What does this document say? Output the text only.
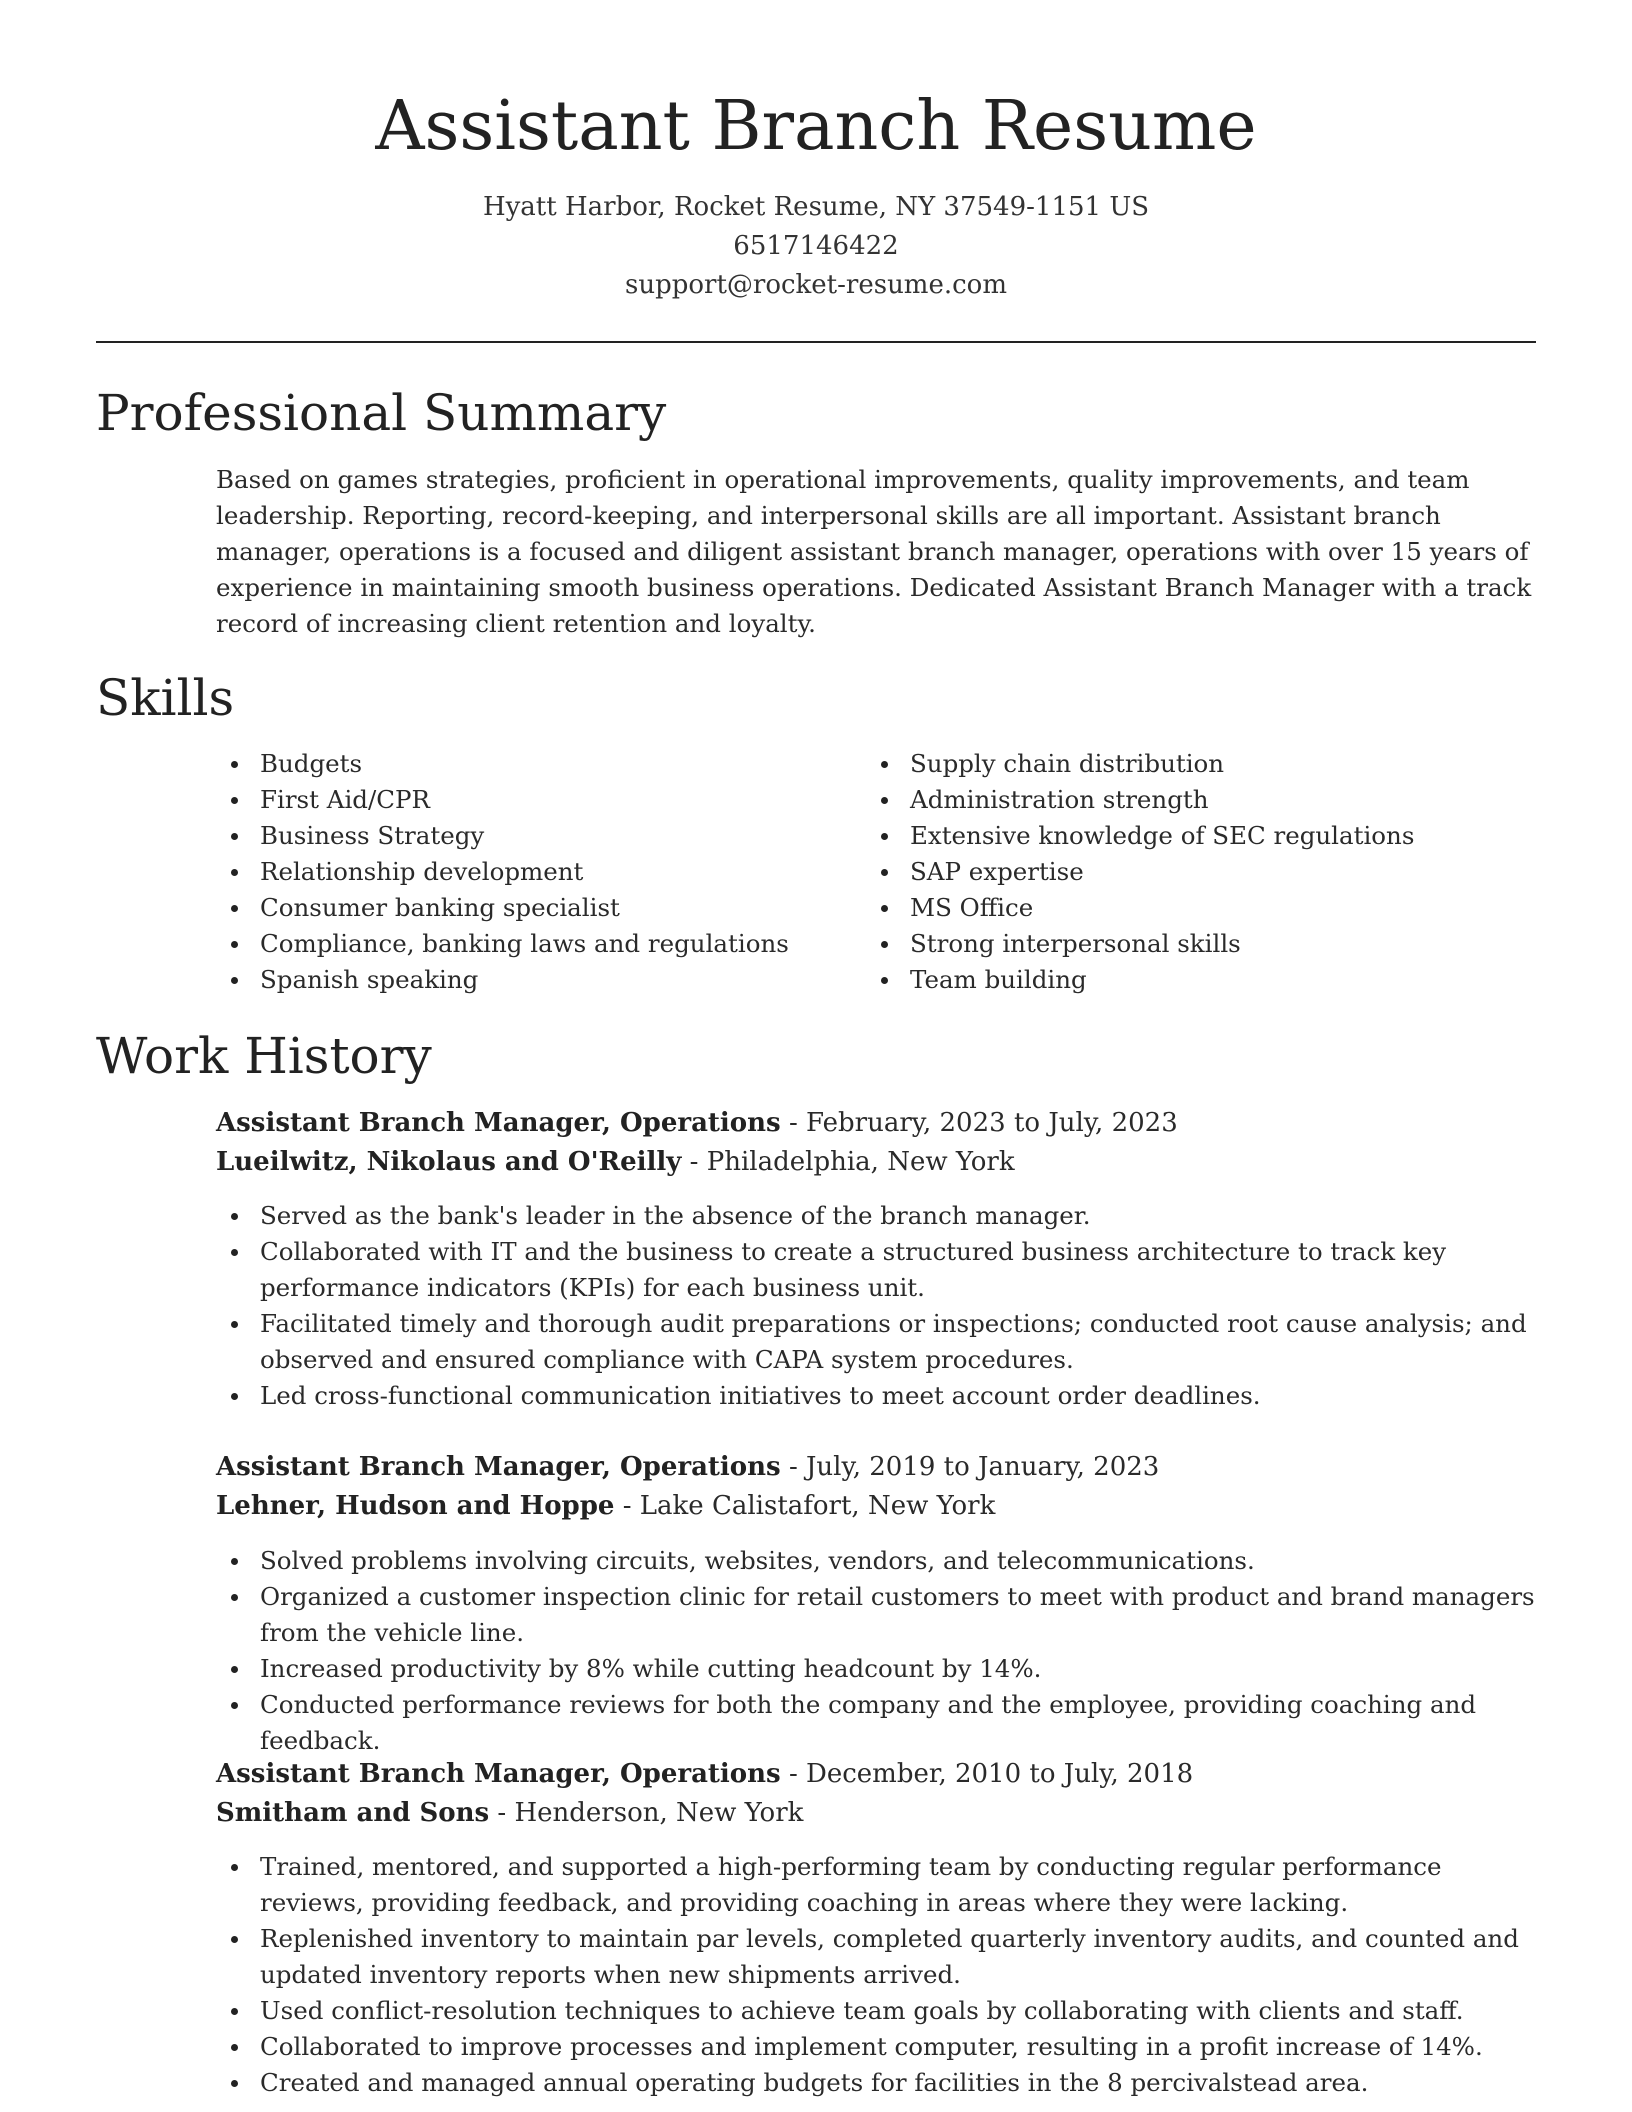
Assistant Branch Resume
Hyatt Harbor, Rocket Resume, NY 37549-1151 US
6517146422
support@rocket-resume.com
Professional Summary

Based on games strategies, proficient in operational improvements, quality improvements, and team leadership. Reporting, record-keeping, and interpersonal skills are all important. Assistant branch manager, operations is a focused and diligent assistant branch manager, operations with over 15 years of experience in maintaining smooth business operations. Dedicated Assistant Branch Manager with a track record of increasing client retention and loyalty.

Skills
Budgets
First Aid/CPR
Business Strategy
Relationship development
Consumer banking specialist
Compliance, banking laws and regulations
Spanish speaking
Supply chain distribution
Administration strength
Extensive knowledge of SEC regulations
SAP expertise
MS Office
Strong interpersonal skills
Team building
Work History
Assistant Branch Manager, Operations - February, 2023 to July, 2023
Lueilwitz, Nikolaus and O'Reilly - Philadelphia, New York
Served as the bank's leader in the absence of the branch manager.
Collaborated with IT and the business to create a structured business architecture to track key performance indicators (KPIs) for each business unit.
Facilitated timely and thorough audit preparations or inspections; conducted root cause analysis; and observed and ensured compliance with CAPA system procedures.
Led cross-functional communication initiatives to meet account order deadlines.
Assistant Branch Manager, Operations - July, 2019 to January, 2023
Lehner, Hudson and Hoppe - Lake Calistafort, New York
Solved problems involving circuits, websites, vendors, and telecommunications.
Organized a customer inspection clinic for retail customers to meet with product and brand managers from the vehicle line.
Increased productivity by 8% while cutting headcount by 14%.
Conducted performance reviews for both the company and the employee, providing coaching and feedback.
Assistant Branch Manager, Operations - December, 2010 to July, 2018
Smitham and Sons - Henderson, New York
Trained, mentored, and supported a high-performing team by conducting regular performance reviews, providing feedback, and providing coaching in areas where they were lacking.
Replenished inventory to maintain par levels, completed quarterly inventory audits, and counted and updated inventory reports when new shipments arrived.
Used conflict-resolution techniques to achieve team goals by collaborating with clients and staff.
Collaborated to improve processes and implement computer, resulting in a profit increase of 14%.
Created and managed annual operating budgets for facilities in the 8 percivalstead area.
